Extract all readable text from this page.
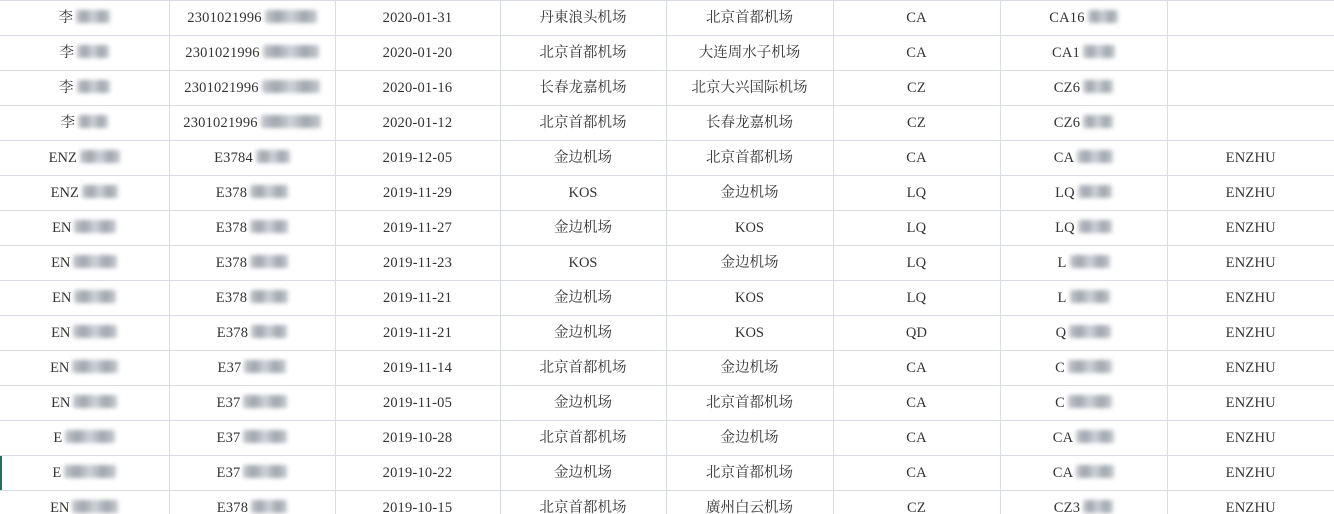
李	2301021996	2020-01-31	丹東浪头机场	北京首都机场	CA	CA16	

李	2301021996	2020-01-20	北京首都机场	大连周水子机场	CA	CA1	

李	2301021996	2020-01-16	长春龙嘉机场	北京大兴国际机场	CZ	CZ6	

李	2301021996	2020-01-12	北京首都机场	长春龙嘉机场	CZ	CZ6	

ENZ	E3784	2019-12-05	金边机场	北京首都机场	CA	CA	ENZHU

ENZ	E378	2019-11-29	KOS	金边机场	LQ	LQ	ENZHU

EN	E378	2019-11-27	金边机场	KOS	LQ	LQ	ENZHU

EN	E378	2019-11-23	KOS	金边机场	LQ	L	ENZHU

EN	E378	2019-11-21	金边机场	KOS	LQ	L	ENZHU

EN	E378	2019-11-21	金边机场	KOS	QD	Q	ENZHU

EN	E37	2019-11-14	北京首都机场	金边机场	CA	C	ENZHU

EN	E37	2019-11-05	金边机场	北京首都机场	CA	C	ENZHU

E	E37	2019-10-28	北京首都机场	金边机场	CA	CA	ENZHU

E	E37	2019-10-22	金边机场	北京首都机场	CA	CA	ENZHU

EN	E378	2019-10-15	北京首都机场	廣州白云机场	CZ	CZ3	ENZHU
